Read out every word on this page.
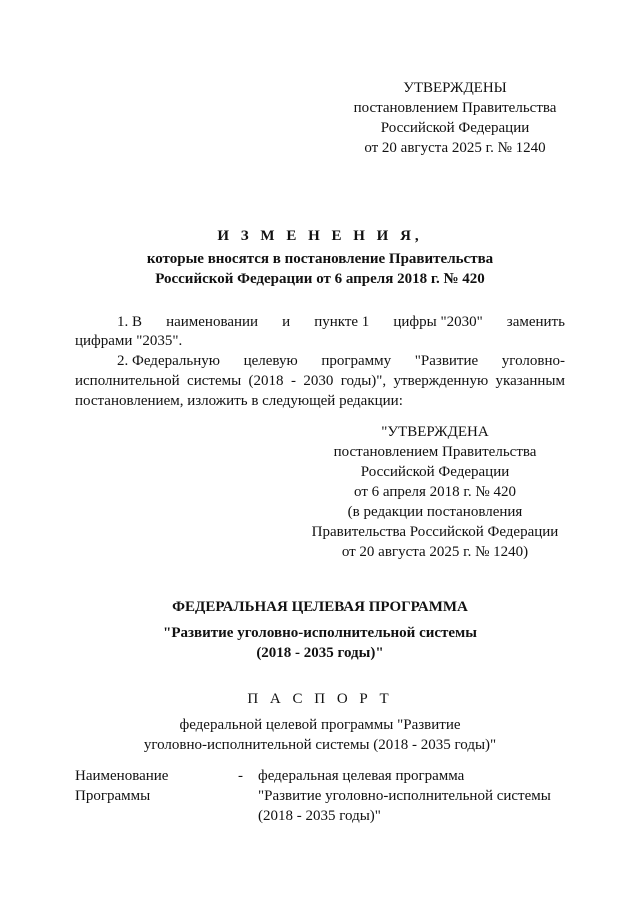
УТВЕРЖДЕНЫ
постановлением Правительства
Российской Федерации
от 20 августа 2025 г. № 1240
И З М Е Н Е Н И Я,
которые вносятся в постановление Правительства
Российской Федерации от 6 апреля 2018 г. № 420
1. В наименовании и пункте 1 цифры "2030" заменить
цифрами "2035".
2. Федеральную целевую программу "Развитие уголовно-
исполнительной системы (2018 - 2030 годы)", утвержденную указанным
постановлением, изложить в следующей редакции:
"УТВЕРЖДЕНА
постановлением Правительства
Российской Федерации
от 6 апреля 2018 г. № 420
(в редакции постановления
Правительства Российской Федерации
от 20 августа 2025 г. № 1240)
ФЕДЕРАЛЬНАЯ ЦЕЛЕВАЯ ПРОГРАММА
"Развитие уголовно-исполнительной системы
(2018 - 2035 годы)"
П А С П О Р Т
федеральной целевой программы "Развитие
уголовно-исполнительной системы (2018 - 2035 годы)"
Наименование
Программы
- федеральная целевая программа
"Развитие уголовно-исполнительной системы
(2018 - 2035 годы)"
